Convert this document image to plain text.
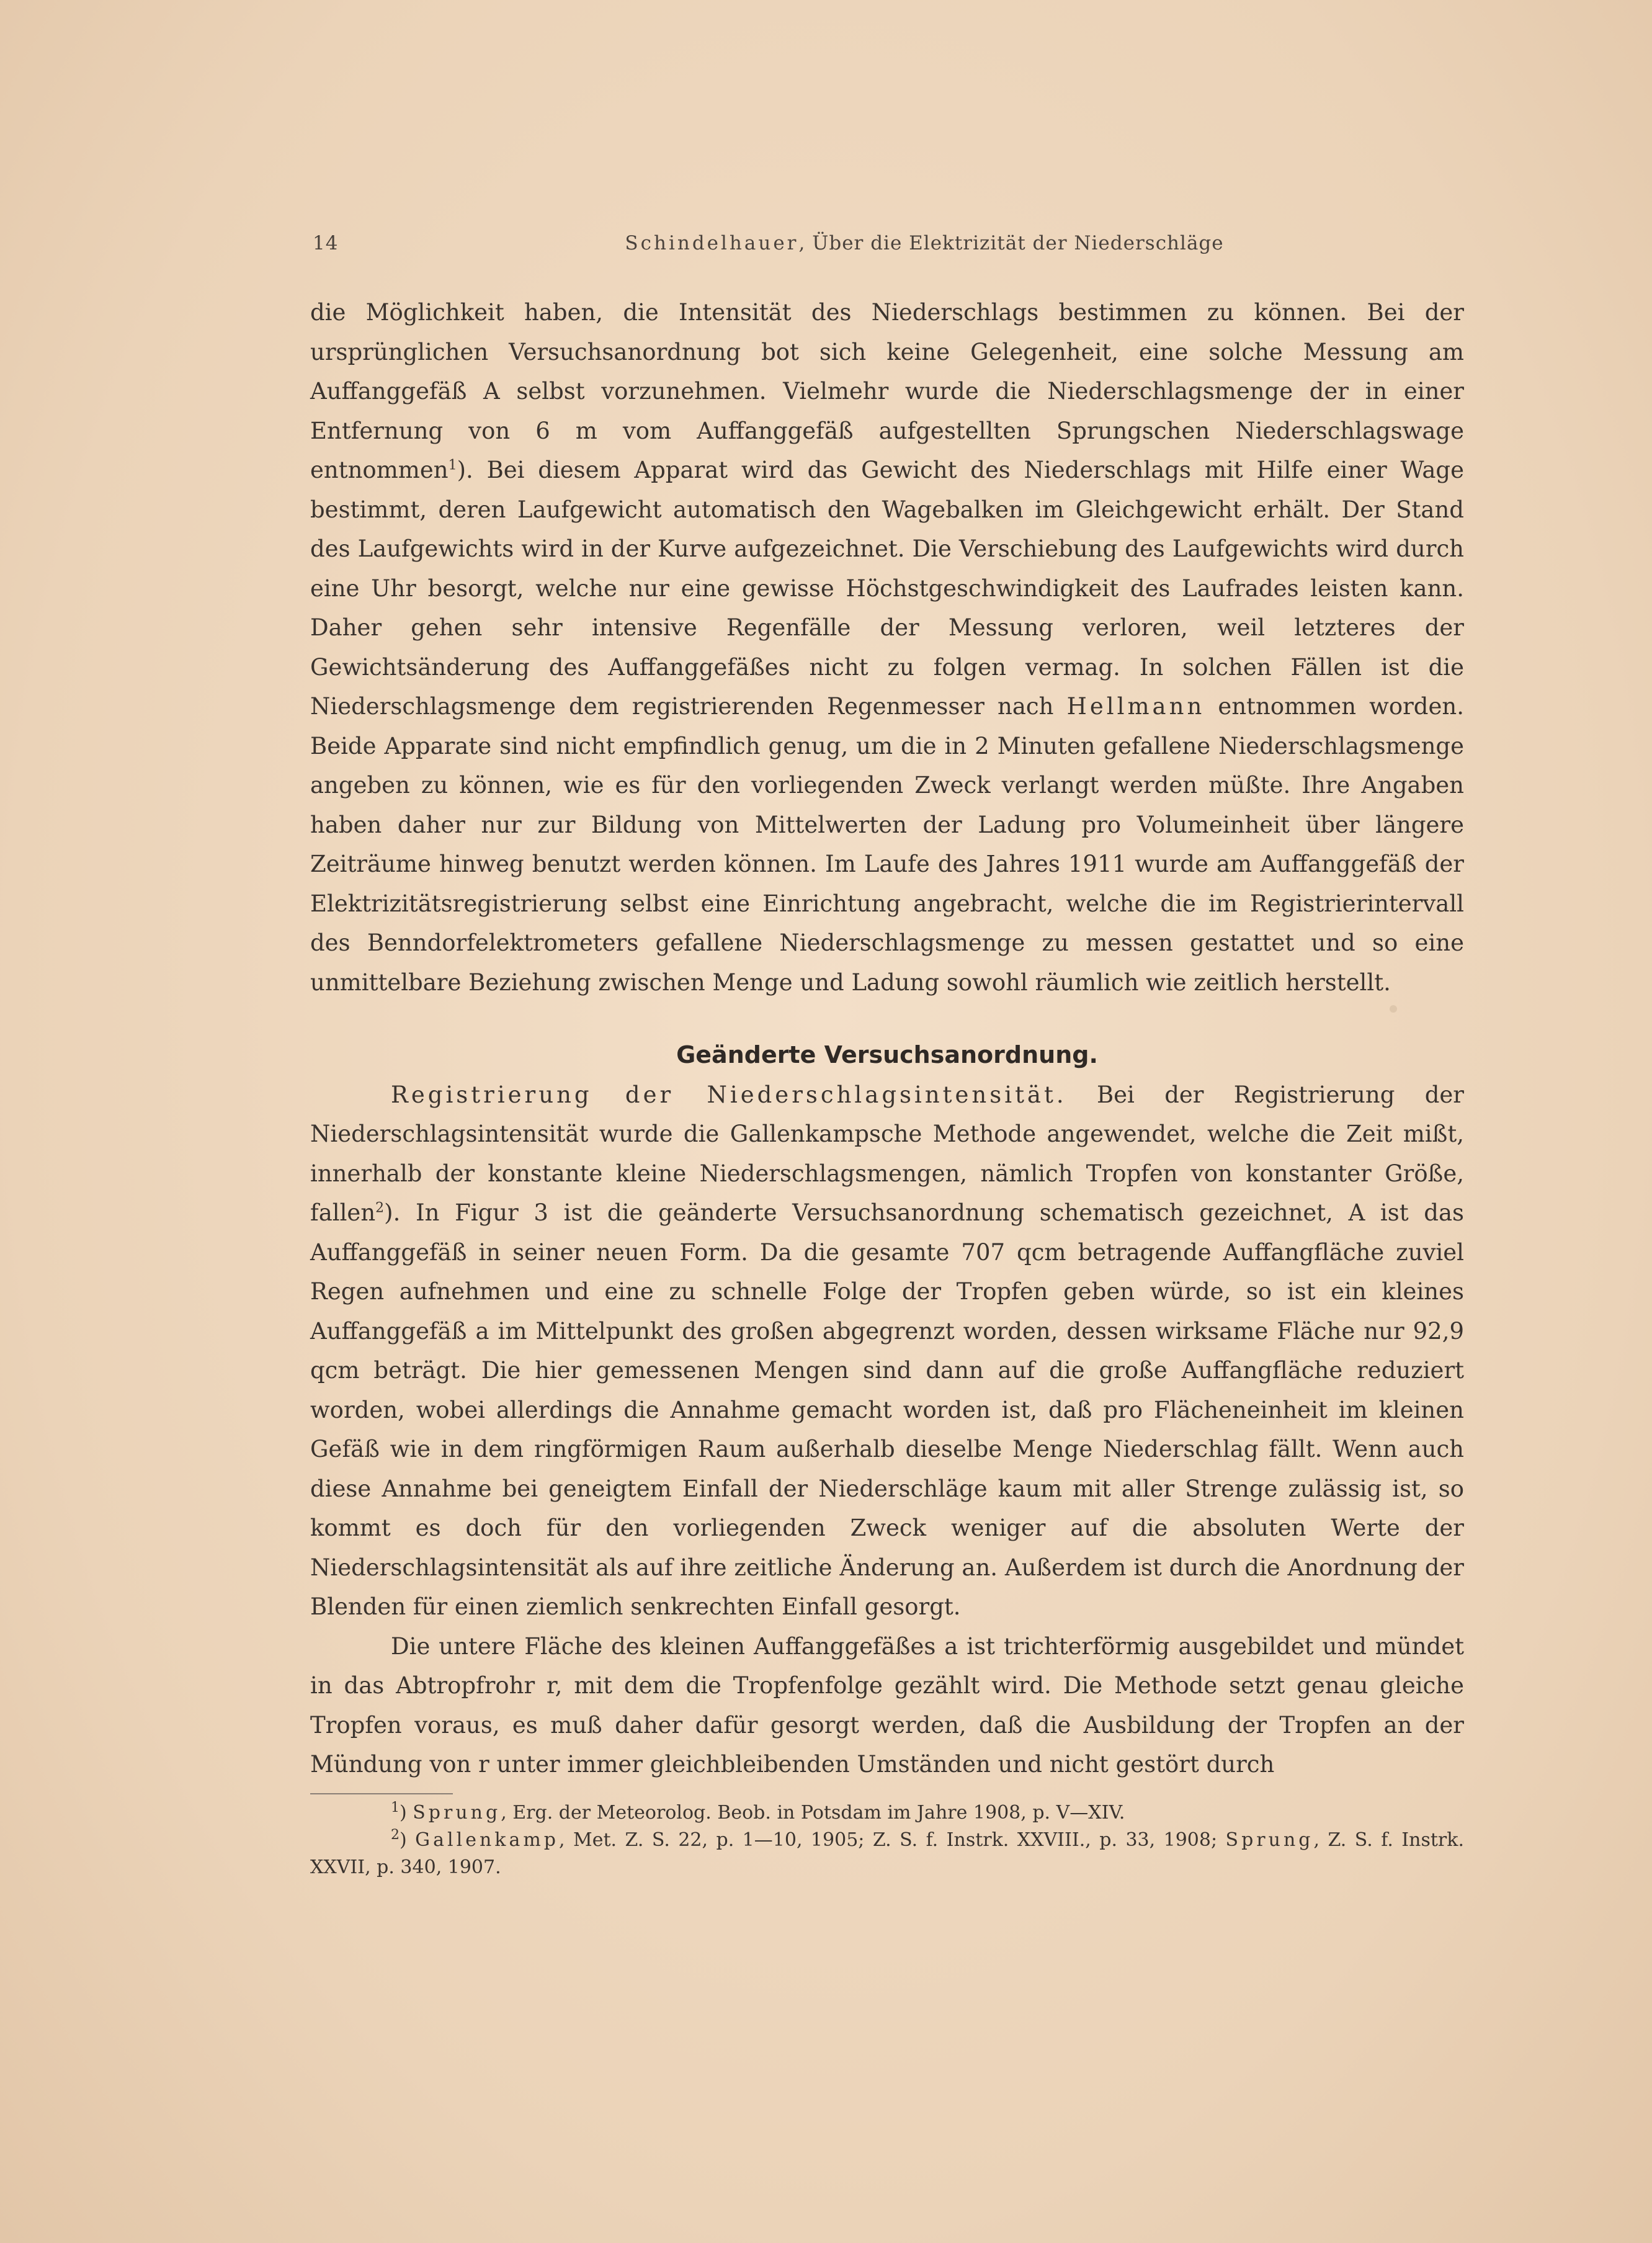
14	Schindelhauer, Über die Elektrizität der Niederschläge

die Möglichkeit haben, die Intensität des Niederschlags bestimmen zu können. Bei der ursprünglichen Versuchsanordnung bot sich keine Gelegenheit, eine solche Messung am Auffanggefäß A selbst vorzunehmen. Vielmehr wurde die Niederschlagsmenge der in einer Entfernung von 6 m vom Auffanggefäß aufgestellten Sprungschen Niederschlagswage entnommen$^1$). Bei diesem Apparat wird das Gewicht des Niederschlags mit Hilfe einer Wage bestimmt, deren Laufgewicht automatisch den Wagebalken im Gleichgewicht erhält. Der Stand des Laufgewichts wird in der Kurve aufgezeichnet. Die Verschiebung des Laufgewichts wird durch eine Uhr besorgt, welche nur eine gewisse Höchstgeschwindigkeit des Laufrades leisten kann. Daher gehen sehr intensive Regenfälle der Messung verloren, weil letzteres der Gewichtsänderung des Auffanggefäßes nicht zu folgen vermag. In solchen Fällen ist die Niederschlagsmenge dem registrierenden Regenmesser nach Hellmann entnommen worden. Beide Apparate sind nicht empfindlich genug, um die in 2 Minuten gefallene Niederschlagsmenge angeben zu können, wie es für den vorliegenden Zweck verlangt werden müßte. Ihre Angaben haben daher nur zur Bildung von Mittelwerten der Ladung pro Volumeinheit über längere Zeiträume hinweg benutzt werden können. Im Laufe des Jahres 1911 wurde am Auffanggefäß der Elektrizitätsregistrierung selbst eine Einrichtung angebracht, welche die im Registrierintervall des Benndorfelektrometers gefallene Niederschlagsmenge zu messen gestattet und so eine unmittelbare Beziehung zwischen Menge und Ladung sowohl räumlich wie zeitlich herstellt.

Geänderte Versuchsanordnung.

Registrierung der Niederschlagsintensität. Bei der Registrierung der Niederschlagsintensität wurde die Gallenkampsche Methode angewendet, welche die Zeit mißt, innerhalb der konstante kleine Niederschlagsmengen, nämlich Tropfen von konstanter Größe, fallen$^2$). In Figur 3 ist die geänderte Versuchsanordnung schematisch gezeichnet, A ist das Auffanggefäß in seiner neuen Form. Da die gesamte 707 qcm betragende Auffangfläche zuviel Regen aufnehmen und eine zu schnelle Folge der Tropfen geben würde, so ist ein kleines Auffanggefäß a im Mittelpunkt des großen abgegrenzt worden, dessen wirksame Fläche nur 92,9 qcm beträgt. Die hier gemessenen Mengen sind dann auf die große Auffangfläche reduziert worden, wobei allerdings die Annahme gemacht worden ist, daß pro Flächeneinheit im kleinen Gefäß wie in dem ringförmigen Raum außerhalb dieselbe Menge Niederschlag fällt. Wenn auch diese Annahme bei geneigtem Einfall der Niederschläge kaum mit aller Strenge zulässig ist, so kommt es doch für den vorliegenden Zweck weniger auf die absoluten Werte der Niederschlagsintensität als auf ihre zeitliche Änderung an. Außerdem ist durch die Anordnung der Blenden für einen ziemlich senkrechten Einfall gesorgt.

Die untere Fläche des kleinen Auffanggefäßes a ist trichterförmig ausgebildet und mündet in das Abtropfrohr r, mit dem die Tropfenfolge gezählt wird. Die Methode setzt genau gleiche Tropfen voraus, es muß daher dafür gesorgt werden, daß die Ausbildung der Tropfen an der Mündung von r unter immer gleichbleibenden Umständen und nicht gestört durch

$^1$) Sprung, Erg. der Meteorolog. Beob. in Potsdam im Jahre 1908, p. V—XIV.

$^2$) Gallenkamp, Met. Z. S. 22, p. 1—10, 1905; Z. S. f. Instrk. XXVIII., p. 33, 1908; Sprung, Z. S. f. Instrk. XXVII, p. 340, 1907.
